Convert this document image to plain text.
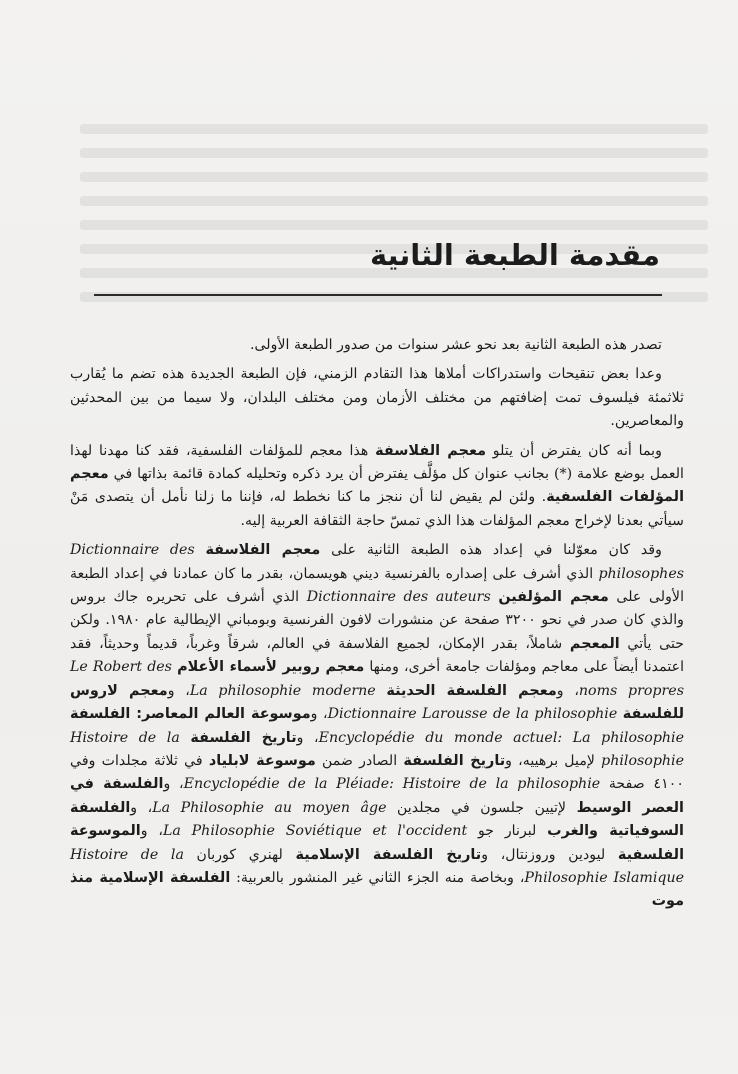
مقدمة الطبعة الثانية

تصدر هذه الطبعة الثانية بعد نحو عشر سنوات من صدور الطبعة الأولى.

وعدا بعض تنقيحات واستدراكات أملاها هذا التقادم الزمني، فإن الطبعة الجديدة هذه تضم ما يُقارب ثلاثمئة فيلسوف تمت إضافتهم من مختلف الأزمان ومن مختلف البلدان، ولا سيما من بين المحدثين والمعاصرين.

وبما أنه كان يفترض أن يتلو معجم الفلاسفة هذا معجم للمؤلفات الفلسفية، فقد كنا مهدنا لهذا العمل بوضع علامة (*) بجانب عنوان كل مؤلَّف يفترض أن يرد ذكره وتحليله كمادة قائمة بذاتها في معجم المؤلفات الفلسفية. ولئن لم يقيض لنا أن ننجز ما كنا نخطط له، فإننا ما زلنا نأمل أن يتصدى مَنْ سيأتي بعدنا لإخراج معجم المؤلفات هذا الذي تمسّ حاجة الثقافة العربية إليه.

وقد كان معوّلنا في إعداد هذه الطبعة الثانية على معجم الفلاسفة Dictionnaire des philosophes الذي أشرف على إصداره بالفرنسية ديني هويسمان، بقدر ما كان عمادنا في إعداد الطبعة الأولى على معجم المؤلفين Dictionnaire des auteurs الذي أشرف على تحريره جاك بروس والذي كان صدر في نحو ٣٢٠٠ صفحة عن منشورات لافون الفرنسية وبومباني الإيطالية عام ١٩٨٠. ولكن حتى يأتي المعجم شاملاً، بقدر الإمكان، لجميع الفلاسفة في العالم، شرقاً وغرباً، قديماً وحديثاً، فقد اعتمدنا أيضاً على معاجم ومؤلفات جامعة أخرى، ومنها معجم روبير لأسماء الأعلام Le Robert des noms propres، ومعجم الفلسفة الحديثة La philosophie moderne، ومعجم لاروس للفلسفة Dictionnaire Larousse de la philosophie، وموسوعة العالم المعاصر: الفلسفة Encyclopédie du monde actuel: La philosophie، وتاريخ الفلسفة Histoire de la philosophie لإميل برهييه، وتاريخ الفلسفة الصادر ضمن موسوعة لابلياد في ثلاثة مجلدات وفي ٤١٠٠ صفحة Encyclopédie de la Pléiade: Histoire de la philosophie، والفلسفة في العصر الوسيط لإتيين جلسون في مجلدين La Philosophie au moyen âge، والفلسفة السوفياتية والغرب لبرنار جو La Philosophie Soviétique et l'occident، والموسوعة الفلسفية ليودين وروزنتال، وتاريخ الفلسفة الإسلامية لهنري كوربان Histoire de la Philosophie Islamique، وبخاصة منه الجزء الثاني غير المنشور بالعربية: الفلسفة الإسلامية منذ موت
